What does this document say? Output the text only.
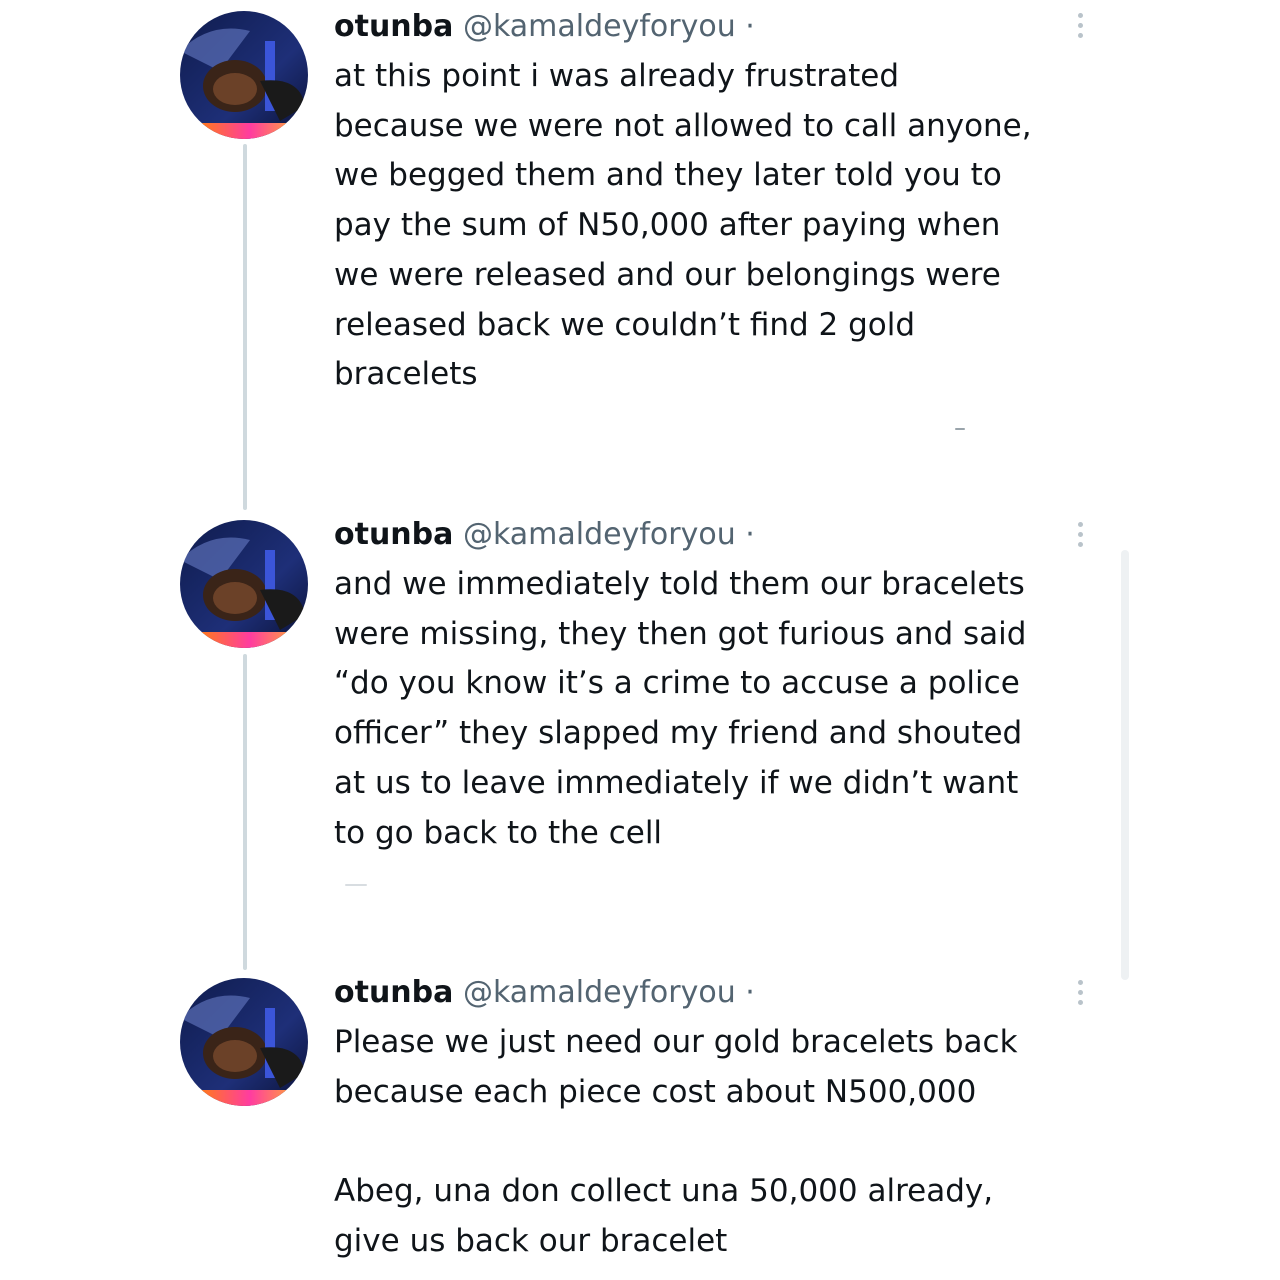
otunba @kamaldeyforyou ·
at this point i was already frustrated
because we were not allowed to call anyone,
we begged them and they later told you to
pay the sum of N50,000 after paying when
we were released and our belongings were
released back we couldn’t find 2 gold
bracelets
otunba @kamaldeyforyou ·
and we immediately told them our bracelets
were missing, they then got furious and said
“do you know it’s a crime to accuse a police
officer” they slapped my friend and shouted
at us to leave immediately if we didn’t want
to go back to the cell
otunba @kamaldeyforyou ·
Please we just need our gold bracelets back
because each piece cost about N500,000

Abeg, una don collect una 50,000 already,
give us back our bracelet
